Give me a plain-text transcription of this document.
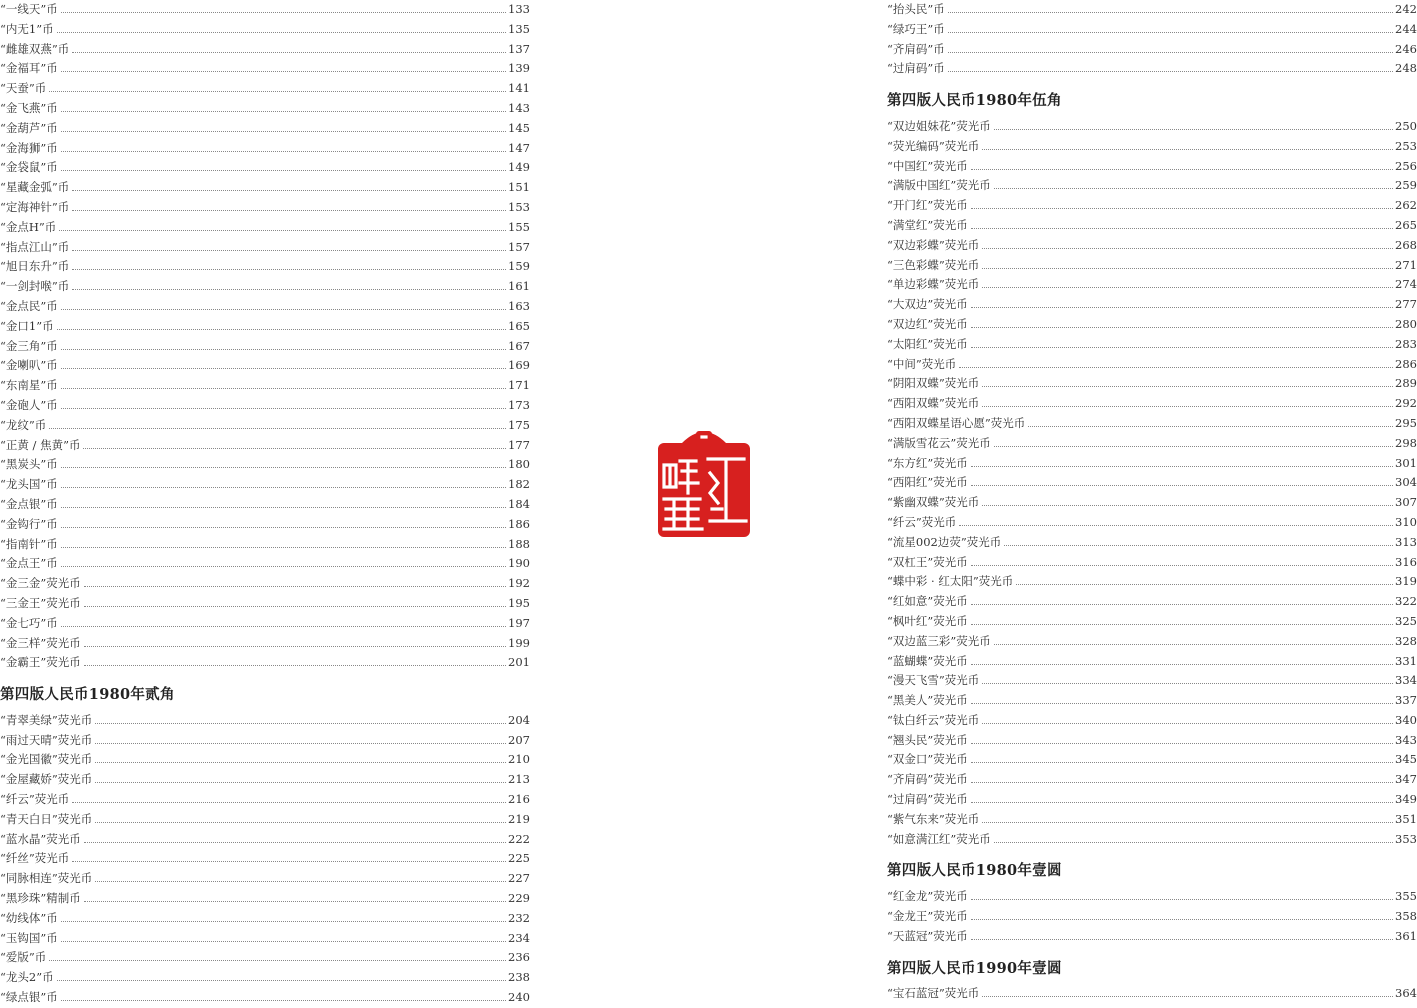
“一线天”币	133
“内无1”币	135
“雌雄双燕”币	137
“金福耳”币	139
“天蚕”币	141
“金飞燕”币	143
“金葫芦”币	145
“金海狮”币	147
“金袋鼠”币	149
“星藏金弧”币	151
“定海神针”币	153
“金点H”币	155
“指点江山”币	157
“旭日东升”币	159
“一剑封喉”币	161
“金点民”币	163
“金口1”币	165
“金三角”币	167
“金喇叭”币	169
“东南星”币	171
“金砲人”币	173
“龙纹”币	175
“正黄 / 焦黄”币	177
“黑炭头”币	180
“龙头国”币	182
“金点银”币	184
“金钩行”币	186
“指南针”币	188
“金点王”币	190
“金三金”荧光币	192
“三金王”荧光币	195
“金七巧”币	197
“金三样”荧光币	199
“金霸王”荧光币	201
第四版人民币1980年贰角
“青翠美绿”荧光币	204
“雨过天晴”荧光币	207
“金光国徽”荧光币	210
“金屋藏娇”荧光币	213
“纤云”荧光币	216
“青天白日”荧光币	219
“蓝水晶”荧光币	222
“纤丝”荧光币	225
“同脉相连”荧光币	227
“黑珍珠”精制币	229
“幼线体”币	232
“玉钩国”币	234
“爱版”币	236
“龙头2”币	238
“绿点银”币	240
“抬头民”币	242
“绿巧王”币	244
“齐肩码”币	246
“过肩码”币	248
第四版人民币1980年伍角
“双边姐妹花”荧光币	250
“荧光编码”荧光币	253
“中国红”荧光币	256
“满版中国红”荧光币	259
“开门红”荧光币	262
“满堂红”荧光币	265
“双边彩蝶”荧光币	268
“三色彩蝶”荧光币	271
“单边彩蝶”荧光币	274
“大双边”荧光币	277
“双边红”荧光币	280
“太阳红”荧光币	283
“中间”荧光币	286
“阴阳双蝶”荧光币	289
“西阳双蝶”荧光币	292
“西阳双蝶星语心愿”荧光币	295
“满版雪花云”荧光币	298
“东方红”荧光币	301
“西阳红”荧光币	304
“紫幽双蝶”荧光币	307
“纤云”荧光币	310
“流星002边荧”荧光币	313
“双杠王”荧光币	316
“蝶中彩 · 红太阳”荧光币	319
“红如意”荧光币	322
“枫叶红”荧光币	325
“双边蓝三彩”荧光币	328
“蓝蝴蝶”荧光币	331
“漫天飞雪”荧光币	334
“黑美人”荧光币	337
“钛白纤云”荧光币	340
“翘头民”荧光币	343
“双金口”荧光币	345
“齐肩码”荧光币	347
“过肩码”荧光币	349
“紫气东来”荧光币	351
“如意满江红”荧光币	353
第四版人民币1980年壹圆
“红金龙”荧光币	355
“金龙王”荧光币	358
“天蓝冠”荧光币	361
第四版人民币1990年壹圆
“宝石蓝冠”荧光币	364
